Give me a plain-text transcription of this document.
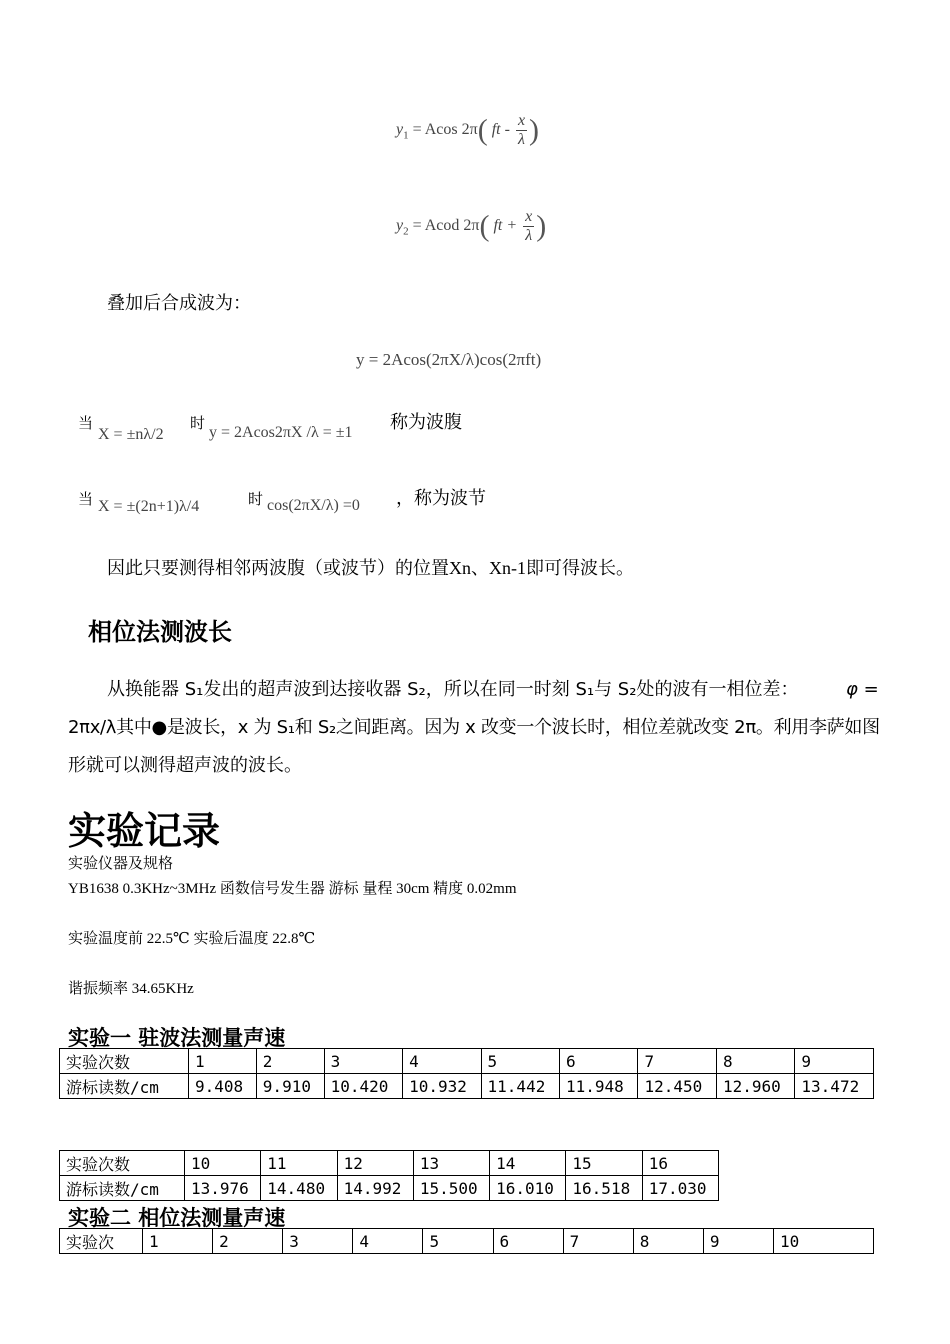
$y_1 = Acos$ 2π( ft - $\frac{x}{\lambda}$ )
$y_2$ = Acod 2π( ft + $\frac{x}{\lambda}$ )
叠加后合成波为：
y = 2Acos(2πX/λ)cos(2πft)
当
X = ±nλ/2
时 y = 2Acos2πX /λ = ±1
称为波腹
当 X = ±(2n+1)λ/4	时 cos(2πX/λ) =0 ，称为波节
因此只要测得相邻两波腹（或波节）的位置Xn、Xn-1即可得波长。
相位法测波长
从换能器 S₁发出的超声波到达接收器 S₂，所以在同一时刻 S₁与 S₂处的波有一相位差：	φ =
2πx/λ其中●是波长，x 为 S₁和 S₂之间距离。因为 x 改变一个波长时，相位差就改变 2π。利用李萨如图
形就可以测得超声波的波长。
实验记录
实验仪器及规格
YB1638 0.3KHz~3MHz 函数信号发生器 游标 量程 30cm 精度 0.02mm
实验温度前 22.5℃ 实验后温度 22.8℃
谐振频率 34.65KHz
实验一 驻波法测量声速
实验次数	1	2	3	4	5	6	7	8	9
游标读数/cm	9.408	9.910	10.420	10.932	11.442	11.948	12.450	12.960	13.472
实验次数	10	11	12	13	14	15	16
游标读数/cm	13.976	14.480	14.992	15.500	16.010	16.518	17.030
实验二 相位法测量声速
实验次	1	2	3	4	5	6	7	8	9	10
